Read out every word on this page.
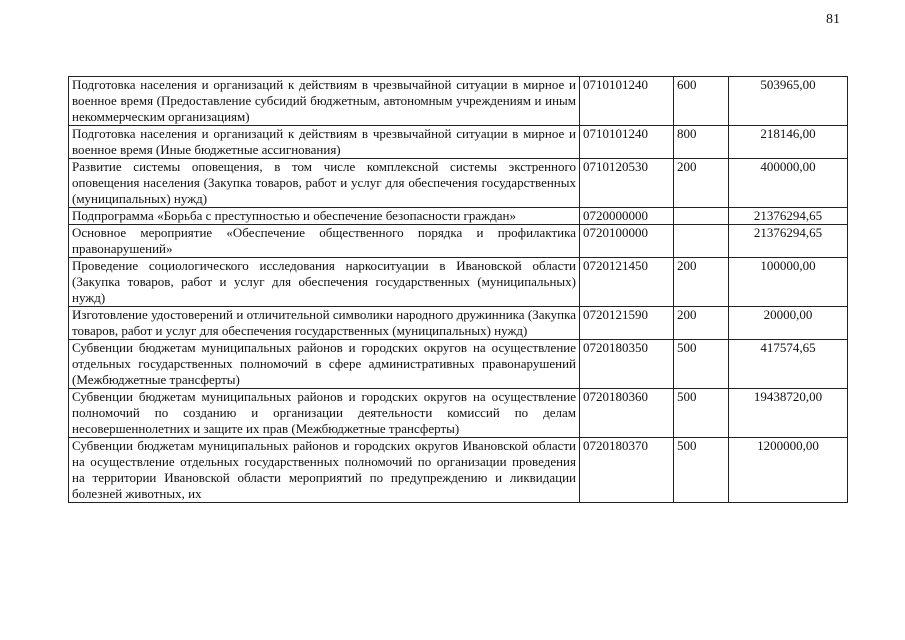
81
Подготовка населения и организаций к действиям в чрезвычайной ситуации в мирное и военное время (Предоставление субсидий бюджетным, автономным учреждениям и иным некоммерческим организациям)	0710101240	600	503965,00
Подготовка населения и организаций к действиям в чрезвычайной ситуации в мирное и военное время (Иные бюджетные ассигнования)	0710101240	800	218146,00
Развитие системы оповещения, в том числе комплексной системы экстренного оповещения населения (Закупка товаров, работ и услуг для обеспечения государственных (муниципальных) нужд)	0710120530	200	400000,00
Подпрограмма «Борьба с преступностью и обеспечение безопасности граждан»	0720000000		21376294,65
Основное мероприятие «Обеспечение общественного порядка и профилактика правонарушений»	0720100000		21376294,65
Проведение социологического исследования наркоситуации в Ивановской области (Закупка товаров, работ и услуг для обеспечения государственных (муниципальных) нужд)	0720121450	200	100000,00
Изготовление удостоверений и отличительной символики народного дружинника (Закупка товаров, работ и услуг для обеспечения государственных (муниципальных) нужд)	0720121590	200	20000,00
Субвенции бюджетам муниципальных районов и городских округов на осуществление отдельных государственных полномочий в сфере административных правонарушений (Межбюджетные трансферты)	0720180350	500	417574,65
Субвенции бюджетам муниципальных районов и городских округов на осуществление полномочий по созданию и организации деятельности комиссий по делам несовершеннолетних и защите их прав (Межбюджетные трансферты)	0720180360	500	19438720,00
Субвенции бюджетам муниципальных районов и городских округов Ивановской области на осуществление отдельных государственных полномочий по организации проведения на территории Ивановской области мероприятий по предупреждению и ликвидации болезней животных, их	0720180370	500	1200000,00
